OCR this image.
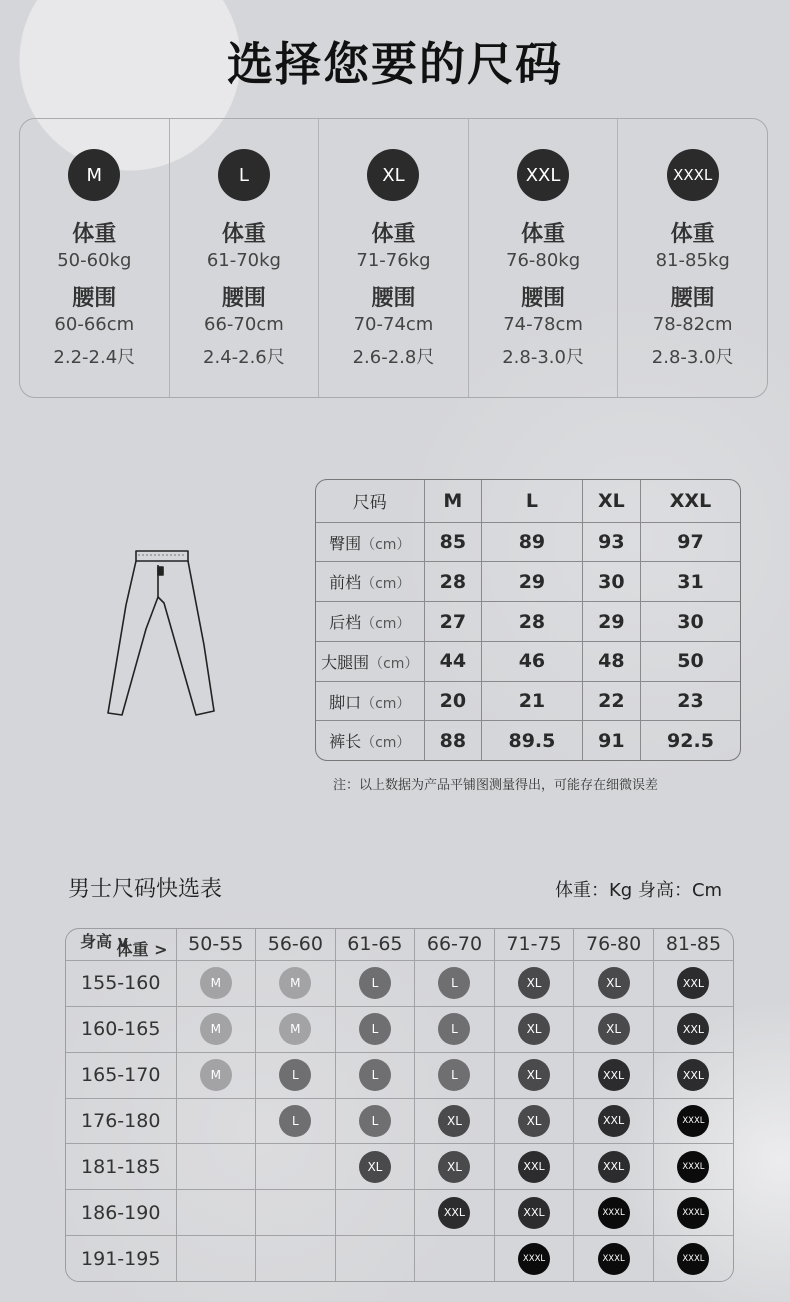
选择您要的尺码
M
体重
50-60kg
腰围
60-66cm
2.2-2.4尺
L
体重
61-70kg
腰围
66-70cm
2.4-2.6尺
XL
体重
71-76kg
腰围
70-74cm
2.6-2.8尺
XXL
体重
76-80kg
腰围
74-78cm
2.8-3.0尺
XXXL
体重
81-85kg
腰围
78-82cm
2.8-3.0尺
尺码	M	L	XL	XXL
臀围（cm）	85	89	93	97
前档（cm）	28	29	30	31
后档（cm）	27	28	29	30
大腿围（cm）	44	46	48	50
脚口（cm）	20	21	22	23
裤长（cm）	88	89.5	91	92.5
注：以上数据为产品平铺图测量得出，可能存在细微误差
男士尺码快选表	体重：Kg 身高：Cm
体重 >
身高 v	50-55	56-60	61-65	66-70	71-75	76-80	81-85
155-160	M	M	L	L	XL	XL	XXL
160-165	M	M	L	L	XL	XL	XXL
165-170	M	L	L	L	XL	XXL	XXL
176-180		L	L	XL	XL	XXL	XXXL
181-185			XL	XL	XXL	XXL	XXXL
186-190				XXL	XXL	XXXL	XXXL
191-195					XXXL	XXXL	XXXL
